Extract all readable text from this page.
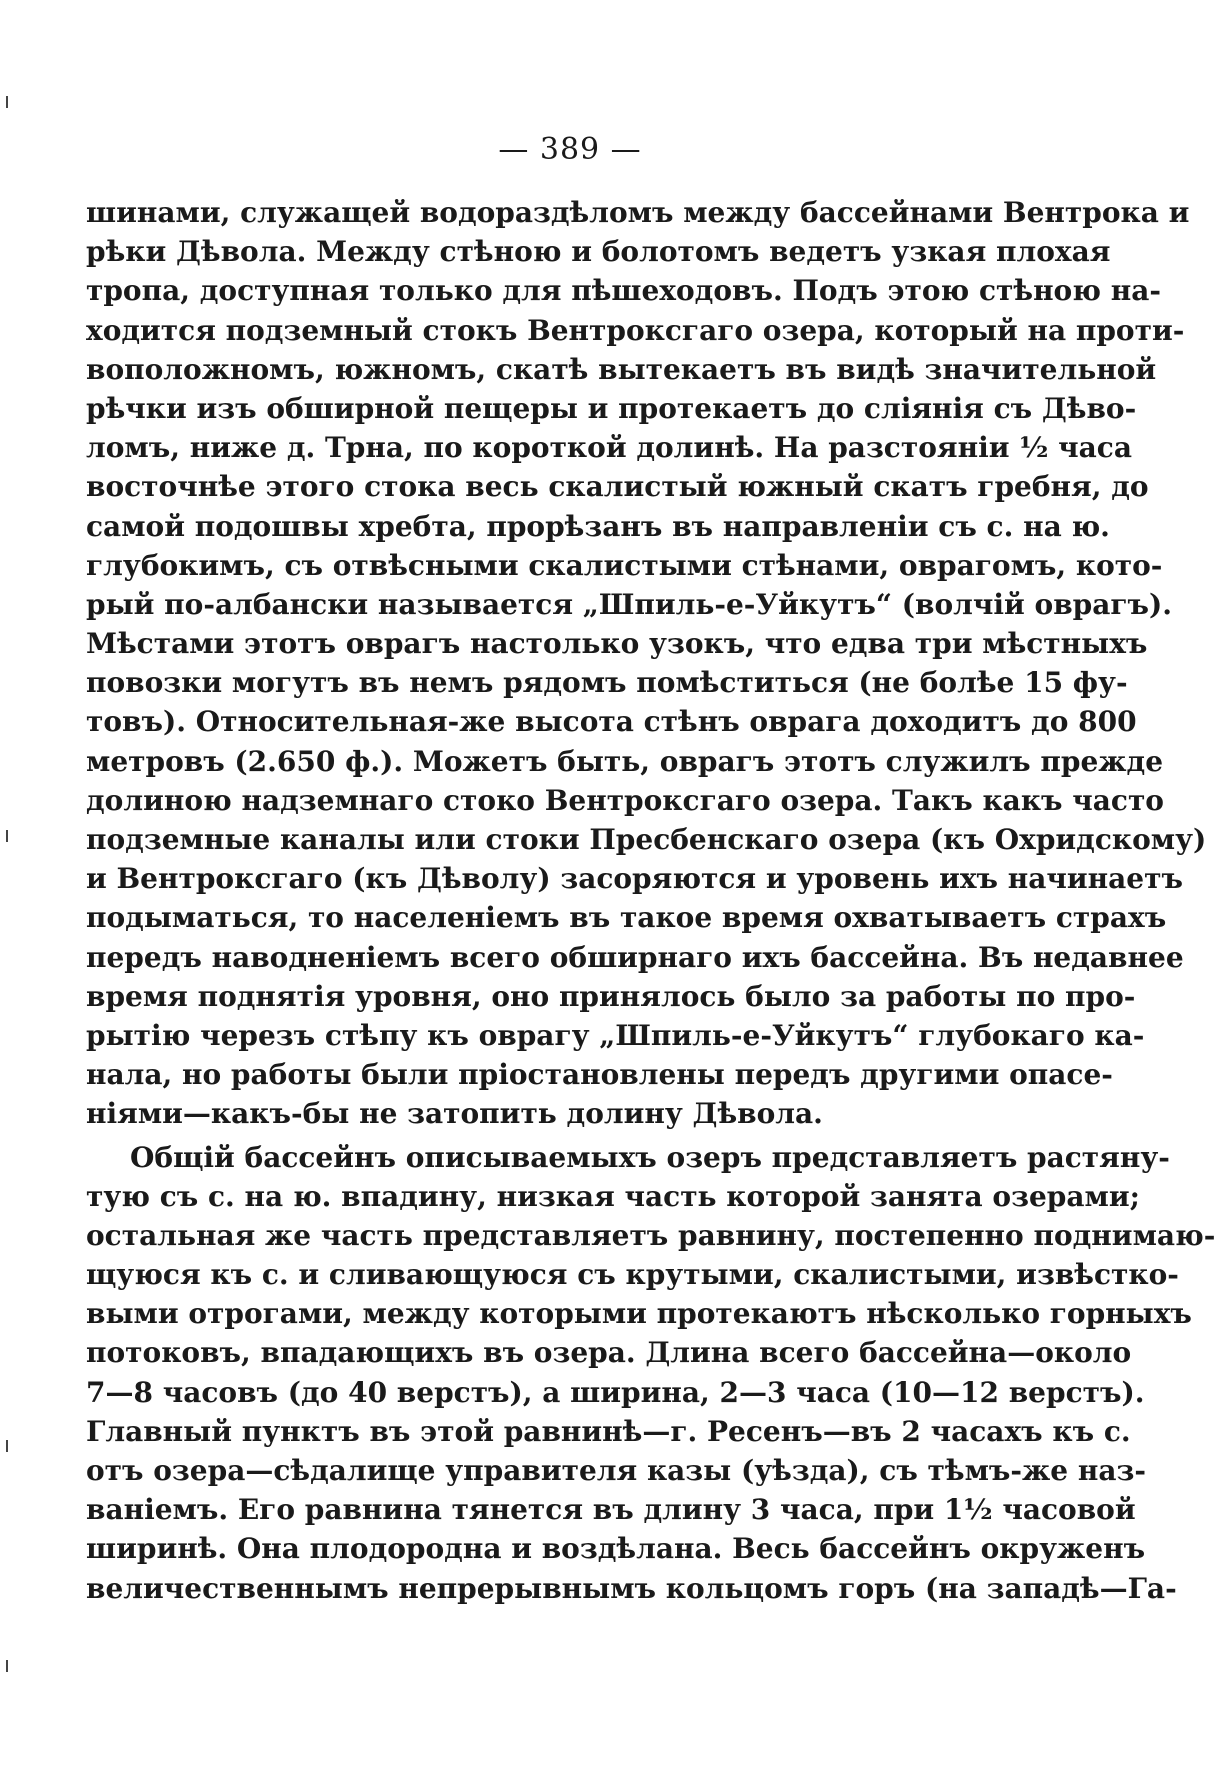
— 389 —
шинами, служащей водораздѣломъ между бассейнами Вентрока и
рѣки Дѣвола. Между стѣною и болотомъ ведетъ узкая плохая
тропа, доступная только для пѣшеходовъ. Подъ этою стѣною на-
ходится подземный стокъ Вентроксгаго озера, который на проти-
воположномъ, южномъ, скатѣ вытекаетъ въ видѣ значительной
рѣчки изъ обширной пещеры и протекаетъ до сліянія съ Дѣво-
ломъ, ниже д. Трна, по короткой долинѣ. На разстояніи ½ часа
восточнѣе этого стока весь скалистый южный скатъ гребня, до
самой подошвы хребта, прорѣзанъ въ направленіи съ с. на ю.
глубокимъ, съ отвѣсными скалистыми стѣнами, оврагомъ, кото-
рый по-албански называется „Шпиль-е-Уйкутъ“ (волчій оврагъ).
Мѣстами этотъ оврагъ настолько узокъ, что едва три мѣстныхъ
повозки могутъ въ немъ рядомъ помѣститься (не болѣе 15 фу-
товъ). Относительная-же высота стѣнъ оврага доходитъ до 800
метровъ (2.650 ф.). Можетъ быть, оврагъ этотъ служилъ прежде
долиною надземнаго стоко Вентроксгаго озера. Такъ какъ часто
подземные каналы или стоки Пресбенскаго озера (къ Охридскому)
и Вентроксгаго (къ Дѣволу) засоряются и уровень ихъ начинаетъ
подыматься, то населеніемъ въ такое время охватываетъ страхъ
передъ наводненіемъ всего обширнаго ихъ бассейна. Въ недавнее
время поднятія уровня, оно принялось было за работы по про-
рытію черезъ стѣпу къ оврагу „Шпиль-е-Уйкутъ“ глубокаго ка-
нала, но работы были пріостановлены передъ другими опасе-
ніями—какъ-бы не затопить долину Дѣвола.
Общій бассейнъ описываемыхъ озеръ представляетъ растяну-
тую съ с. на ю. впадину, низкая часть которой занята озерами;
остальная же часть представляетъ равнину, постепенно поднимаю-
щуюся къ с. и сливающуюся съ крутыми, скалистыми, извѣстко-
выми отрогами, между которыми протекаютъ нѣсколько горныхъ
потоковъ, впадающихъ въ озера. Длина всего бассейна—около
7—8 часовъ (до 40 верстъ), а ширина, 2—3 часа (10—12 верстъ).
Главный пунктъ въ этой равнинѣ—г. Ресенъ—въ 2 часахъ къ с.
отъ озера—сѣдалище управителя казы (уѣзда), съ тѣмъ-же наз-
ваніемъ. Его равнина тянется въ длину 3 часа, при 1½ часовой
ширинѣ. Она плодородна и воздѣлана. Весь бассейнъ окруженъ
величественнымъ непрерывнымъ кольцомъ горъ (на западѣ—Га-
